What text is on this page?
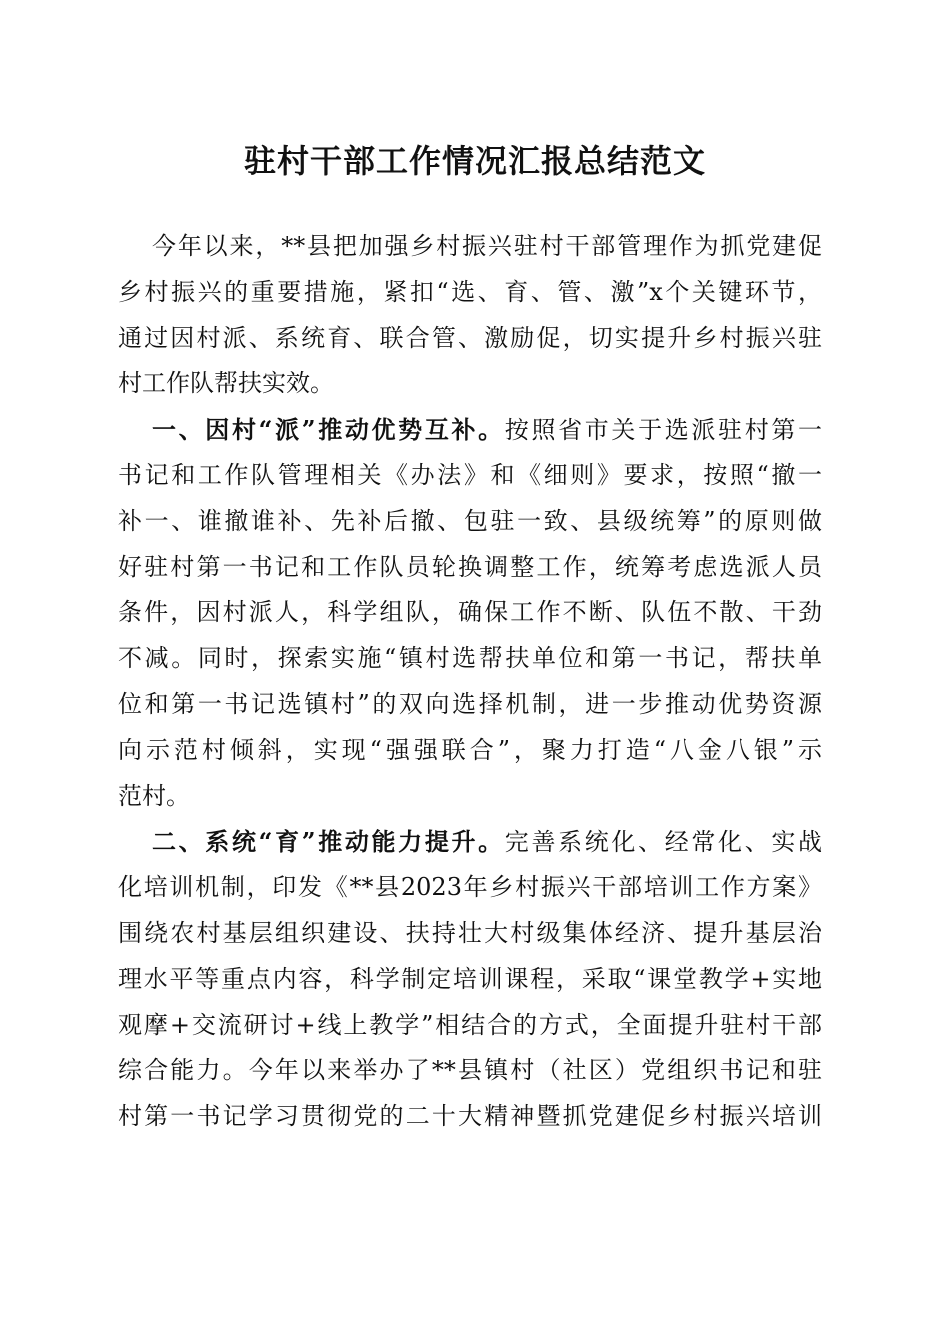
驻村干部工作情况汇报总结范文
今年以来，**县把加强乡村振兴驻村干部管理作为抓党建促
乡村振兴的重要措施，紧扣“选、育、管、激”x个关键环节，
通过因村派、系统育、联合管、激励促，切实提升乡村振兴驻
村工作队帮扶实效。
一、因村“派”推动优势互补。按照省市关于选派驻村第一
书记和工作队管理相关《办法》和《细则》要求，按照“撤一
补一、谁撤谁补、先补后撤、包驻一致、县级统筹”的原则做
好驻村第一书记和工作队员轮换调整工作，统筹考虑选派人员
条件，因村派人，科学组队，确保工作不断、队伍不散、干劲
不减。同时，探索实施“镇村选帮扶单位和第一书记，帮扶单
位和第一书记选镇村”的双向选择机制，进一步推动优势资源
向示范村倾斜，实现“强强联合”，聚力打造“八金八银”示
范村。
二、系统“育”推动能力提升。完善系统化、经常化、实战
化培训机制，印发《**县2023年乡村振兴干部培训工作方案》
围绕农村基层组织建设、扶持壮大村级集体经济、提升基层治
理水平等重点内容，科学制定培训课程，采取“课堂教学+实地
观摩+交流研讨+线上教学”相结合的方式，全面提升驻村干部
综合能力。今年以来举办了**县镇村（社区）党组织书记和驻
村第一书记学习贯彻党的二十大精神暨抓党建促乡村振兴培训
